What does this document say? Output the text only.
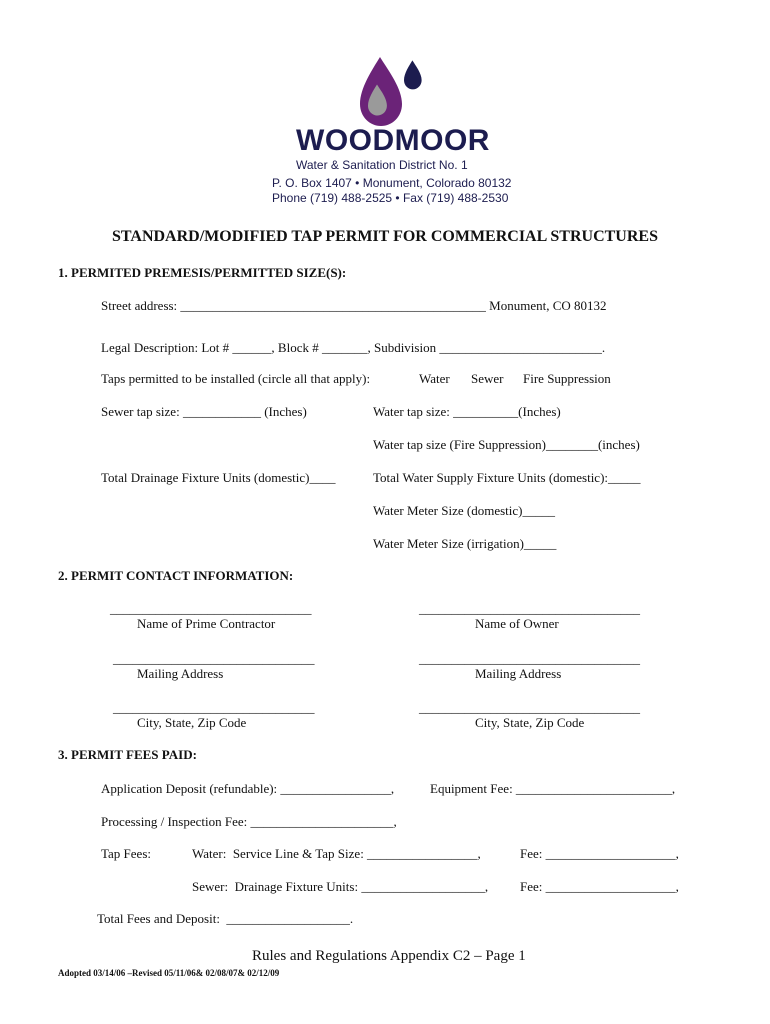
WOODMOOR
Water & Sanitation District No. 1
P. O. Box 1407 • Monument, Colorado 80132
Phone (719) 488-2525 • Fax (719) 488-2530
STANDARD/MODIFIED TAP PERMIT FOR COMMERCIAL STRUCTURES
1. PERMITED PREMESIS/PERMITTED SIZE(S):
Street address: _______________________________________________ Monument, CO 80132
Legal Description: Lot # ______, Block # _______, Subdivision _________________________.
Taps permitted to be installed (circle all that apply):	Water Sewer Fire Suppression
Sewer tap size: ____________ (Inches)	Water tap size: __________(Inches)
Water tap size (Fire Suppression)________(inches)
Total Drainage Fixture Units (domestic)____	Total Water Supply Fixture Units (domestic):_____
Water Meter Size (domestic)_____
Water Meter Size (irrigation)_____
2. PERMIT CONTACT INFORMATION:
_______________________________	__________________________________
Name of Prime Contractor	Name of Owner
_______________________________	__________________________________
Mailing Address	Mailing Address
_______________________________	__________________________________
City, State, Zip Code	City, State, Zip Code
3. PERMIT FEES PAID:
Application Deposit (refundable): _________________,	Equipment Fee: ________________________,
Processing / Inspection Fee: ______________________,
Tap Fees:	Water:  Service Line & Tap Size: _________________,	Fee: ____________________,
Sewer:  Drainage Fixture Units: ___________________, Fee: ____________________,
Total Fees and Deposit:  ___________________.
Rules and Regulations Appendix C2 – Page 1
Adopted 03/14/06 –Revised 05/11/06& 02/08/07& 02/12/09
